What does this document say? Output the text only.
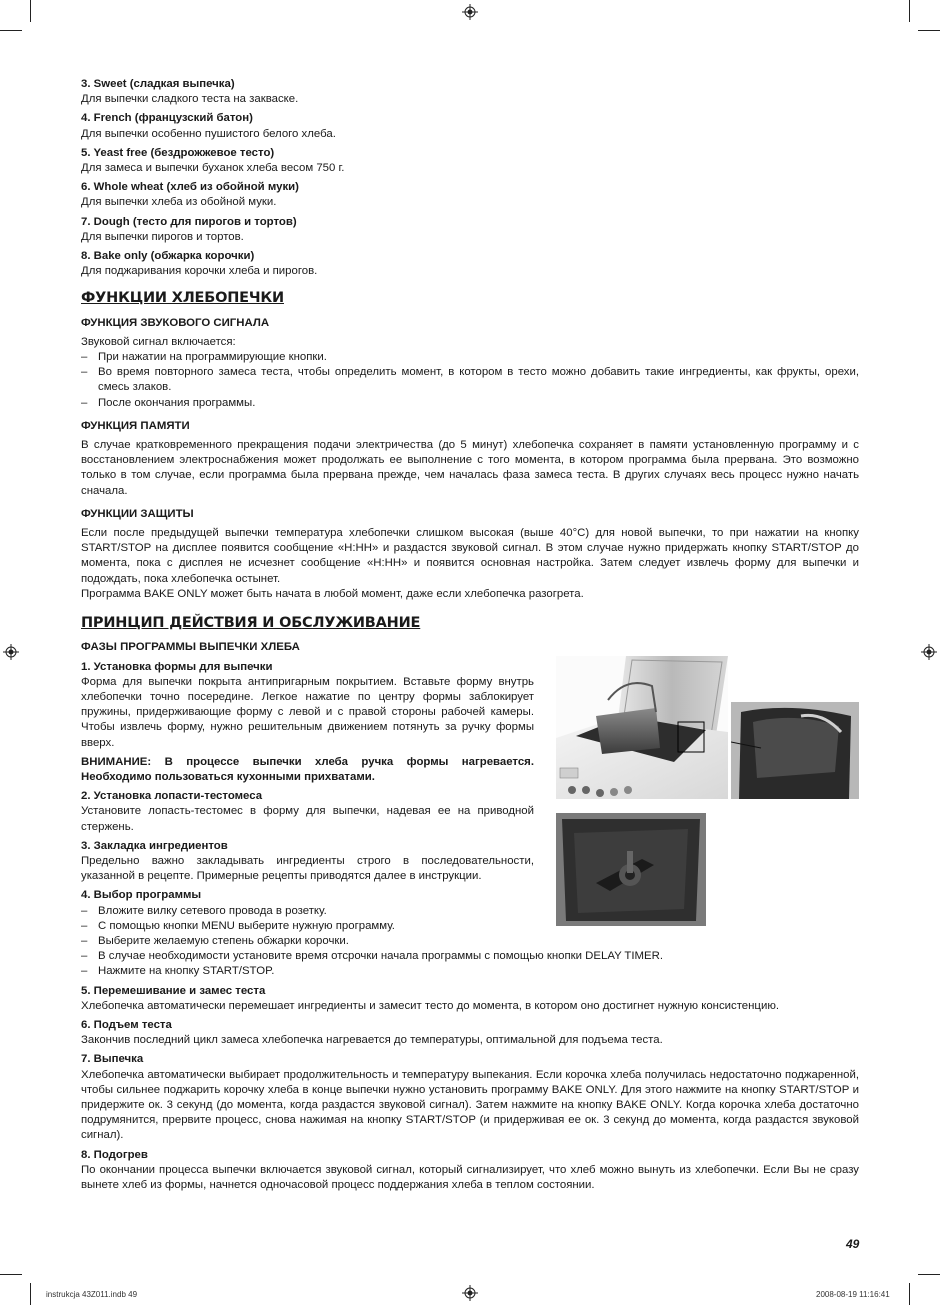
3. Sweet (сладкая выпечка)
Для выпечки сладкого теста на закваске.
4. French (французский батон)
Для выпечки особенно пушистого белого хлеба.
5. Yeast free (бездрожжевое тесто)
Для замеса и выпечки буханок хлеба весом 750 г.
6. Whole wheat (хлеб из обойной муки)
Для выпечки хлеба из обойной муки.
7. Dough (тесто для пирогов и тортов)
Для выпечки пирогов и тортов.
8. Bake only (обжарка корочки)
Для поджаривания корочки хлеба и пирогов.
ФУНКЦИИ ХЛЕБОПЕЧКИ
ФУНКЦИЯ ЗВУКОВОГО СИГНАЛА
Звуковой сигнал включается:
– При нажатии на программирующие кнопки.
– Во время повторного замеса теста, чтобы определить момент, в котором в тесто можно добавить такие ингредиенты, как фрукты, орехи, смесь злаков.
– После окончания программы.
ФУНКЦИЯ ПАМЯТИ
В случае кратковременного прекращения подачи электричества (до 5 минут) хлебопечка сохраняет в памяти установленную программу и с восстановлением электроснабжения может продолжать ее выполнение с того момента, в котором программа была прервана. Это возможно только в том случае, если программа была прервана прежде, чем началась фаза замеса теста. В других случаях весь процесс нужно начать сначала.
ФУНКЦИИ ЗАЩИТЫ
Если после предыдущей выпечки температура хлебопечки слишком высокая (выше 40°C) для новой выпечки, то при нажатии на кнопку START/STOP на дисплее появится сообщение «H:HH» и раздастся звуковой сигнал. В этом случае нужно придержать кнопку START/STOP до момента, пока с дисплея не исчезнет сообщение «H:HH» и появится основная настройка. Затем следует извлечь форму для выпечки и подождать, пока хлебопечка остынет.
Программа BAKE ONLY может быть начата в любой момент, даже если хлебопечка разогрета.
ПРИНЦИП ДЕЙСТВИЯ И ОБСЛУЖИВАНИЕ
ФАЗЫ ПРОГРАММЫ ВЫПЕЧКИ ХЛЕБА
1. Установка формы для выпечки
Форма для выпечки покрыта антипригарным покрытием. Вставьте форму внутрь хлебопечки точно посередине. Легкое нажатие по центру формы заблокирует пружины, придерживающие форму с левой и с правой стороны рабочей камеры. Чтобы извлечь форму, нужно решительным движением потянуть за ручку формы вверх.
ВНИМАНИЕ: В процессе выпечки хлеба ручка формы нагревается. Необходимо пользоваться кухонными прихватами.
2. Установка лопасти-тестомеса
Установите лопасть-тестомес в форму для выпечки, надевая ее на приводной стержень.
3. Закладка ингредиентов
Предельно важно закладывать ингредиенты строго в последовательности, указанной в рецепте. Примерные рецепты приводятся далее в инструкции.
4. Выбор программы
– Вложите вилку сетевого провода в розетку.
– С помощью кнопки MENU выберите нужную программу.
– Выберите желаемую степень обжарки корочки.
– В случае необходимости установите время отсрочки начала программы с помощью кнопки DELAY TIMER.
– Нажмите на кнопку START/STOP.
5. Перемешивание и замес теста
Хлебопечка автоматически перемешает ингредиенты и замесит тесто до момента, в котором оно достигнет нужную консистенцию.
6. Подъем теста
Закончив последний цикл замеса хлебопечка нагревается до температуры, оптимальной для подъема теста.
7. Выпечка
Хлебопечка автоматически выбирает продолжительность и температуру выпекания. Если корочка хлеба получилась недостаточно поджаренной, чтобы сильнее поджарить корочку хлеба в конце выпечки нужно установить программу BAKE ONLY. Для этого нажмите на кнопку START/STOP и придержите ок. 3 секунд (до момента, когда раздастся звуковой сигнал). Затем нажмите на кнопку BAKE ONLY. Когда корочка хлеба достаточно подрумянится, прервите процесс, снова нажимая на кнопку START/STOP (и придерживая ее ок. 3 секунд до момента, когда раздастся звуковой сигнал).
8. Подогрев
По окончании процесса выпечки включается звуковой сигнал, который сигнализирует, что хлеб можно вынуть из хлебопечки. Если Вы не сразу вынете хлеб из формы, начнется одночасовой процесс поддержания хлеба в теплом состоянии.
49
instrukcja 43Z011.indb 49	2008-08-19 11:16:41
